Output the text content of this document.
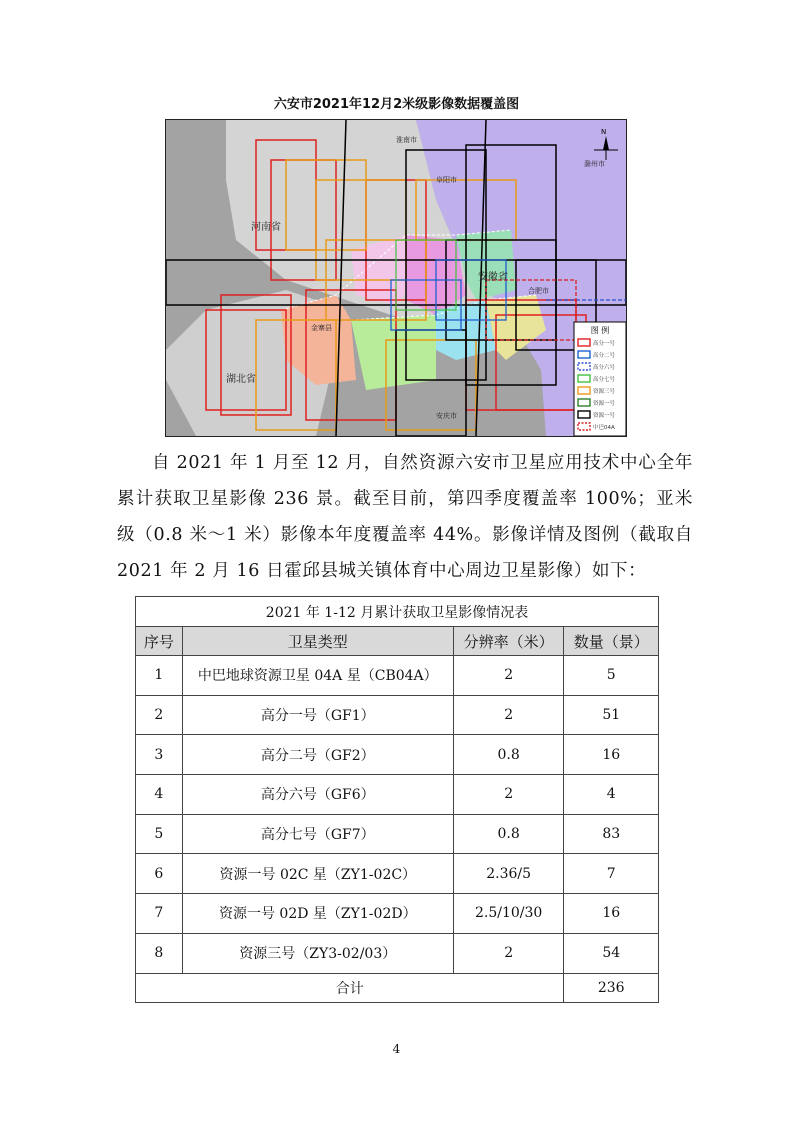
六安市2021年12月2米级影像数据覆盖图
河南省
湖北省
安徽省
金寨县
合肥市
淮南市
阜阳市
滁州市
安庆市
N
图 例
高分一号
高分二号
高分六号
高分七号
资源三号
资源一号
资源一号
中巴04A

自 2021 年 1 月至 12 月，自然资源六安市卫星应用技术中心全年累计获取卫星影像 236 景。截至目前，第四季度覆盖率 100%；亚米级（0.8 米～1 米）影像本年度覆盖率 44%。影像详情及图例（截取自 2021 年 2 月 16 日霍邱县城关镇体育中心周边卫星影像）如下：

2021 年 1-12 月累计获取卫星影像情况表			
序号	卫星类型	分辨率（米）	数量（景）
1	中巴地球资源卫星 04A 星（CB04A）	2	5
2	高分一号（GF1）	2	51
3	高分二号（GF2）	0.8	16
4	高分六号（GF6）	2	4
5	高分七号（GF7）	0.8	83
6	资源一号 02C 星（ZY1-02C）	2.36/5	7
7	资源一号 02D 星（ZY1-02D）	2.5/10/30	16
8	资源三号（ZY3-02/03）	2	54
合计			236
4
